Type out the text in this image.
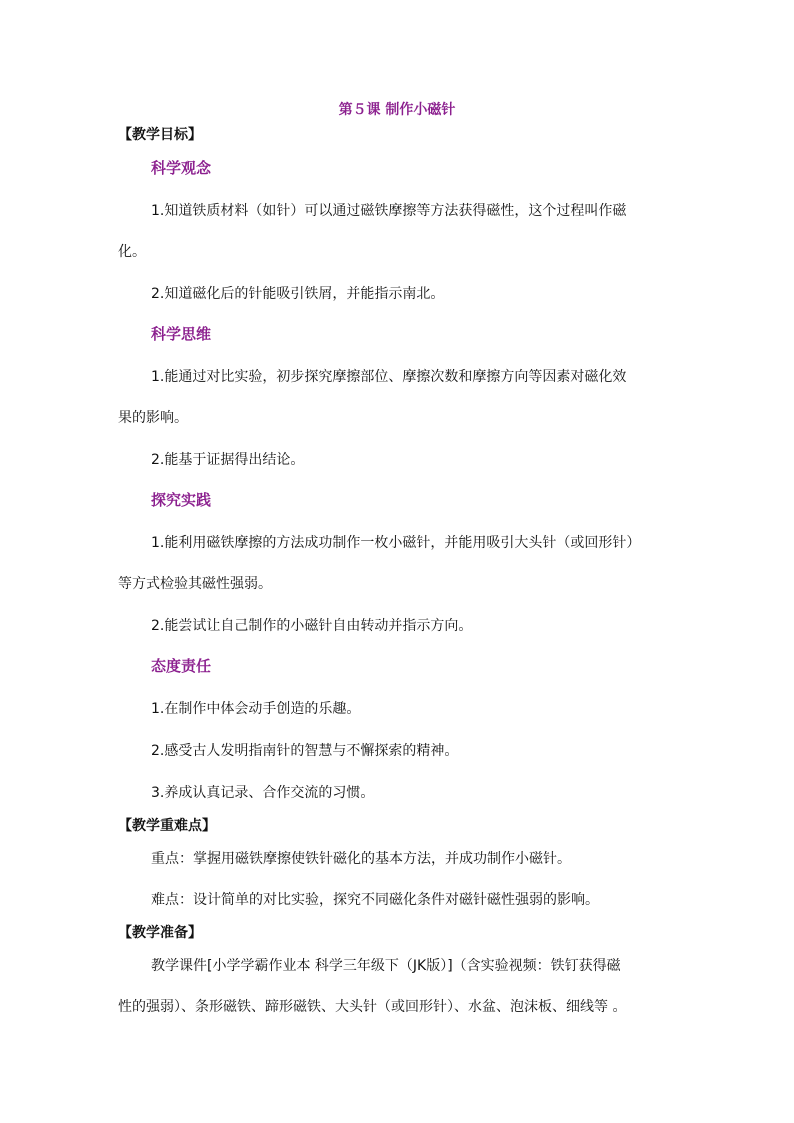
第５课 制作小磁针
【教学目标】
科学观念
1.知道铁质材料（如针）可以通过磁铁摩擦等方法获得磁性，这个过程叫作磁
化。
2.知道磁化后的针能吸引铁屑，并能指示南北。
科学思维
1.能通过对比实验，初步探究摩擦部位、摩擦次数和摩擦方向等因素对磁化效
果的影响。
2.能基于证据得出结论。
探究实践
1.能利用磁铁摩擦的方法成功制作一枚小磁针，并能用吸引大头针（或回形针）
等方式检验其磁性强弱。
2.能尝试让自己制作的小磁针自由转动并指示方向。
态度责任
1.在制作中体会动手创造的乐趣。
2.感受古人发明指南针的智慧与不懈探索的精神。
3.养成认真记录、合作交流的习惯。
【教学重难点】
重点：掌握用磁铁摩擦使铁针磁化的基本方法，并成功制作小磁针。
难点：设计简单的对比实验，探究不同磁化条件对磁针磁性强弱的影响。
【教学准备】
教学课件[小学学霸作业本 科学三年级下（JK版）]（含实验视频：铁钉获得磁
性的强弱）、条形磁铁、蹄形磁铁、大头针（或回形针）、水盆、泡沫板、细线等 。
